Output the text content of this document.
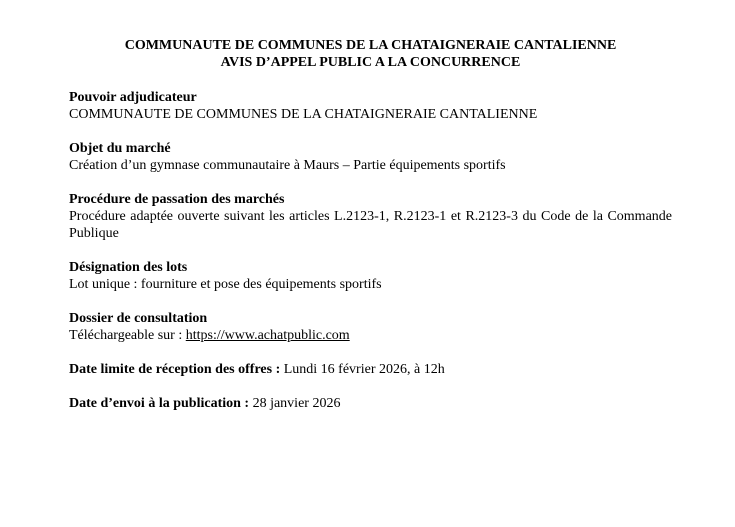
COMMUNAUTE DE COMMUNES DE LA CHATAIGNERAIE CANTALIENNE
AVIS D’APPEL PUBLIC A LA CONCURRENCE
Pouvoir adjudicateur
COMMUNAUTE DE COMMUNES DE LA CHATAIGNERAIE CANTALIENNE
Objet du marché
Création d’un gymnase communautaire à Maurs – Partie équipements sportifs
Procédure de passation des marchés
Procédure adaptée ouverte suivant les articles L.2123-1, R.2123-1 et R.2123-3 du Code de la Commande Publique
Désignation des lots
Lot unique : fourniture et pose des équipements sportifs
Dossier de consultation
Téléchargeable sur : https://www.achatpublic.com
Date limite de réception des offres : Lundi 16 février 2026, à 12h
Date d’envoi à la publication : 28 janvier 2026
